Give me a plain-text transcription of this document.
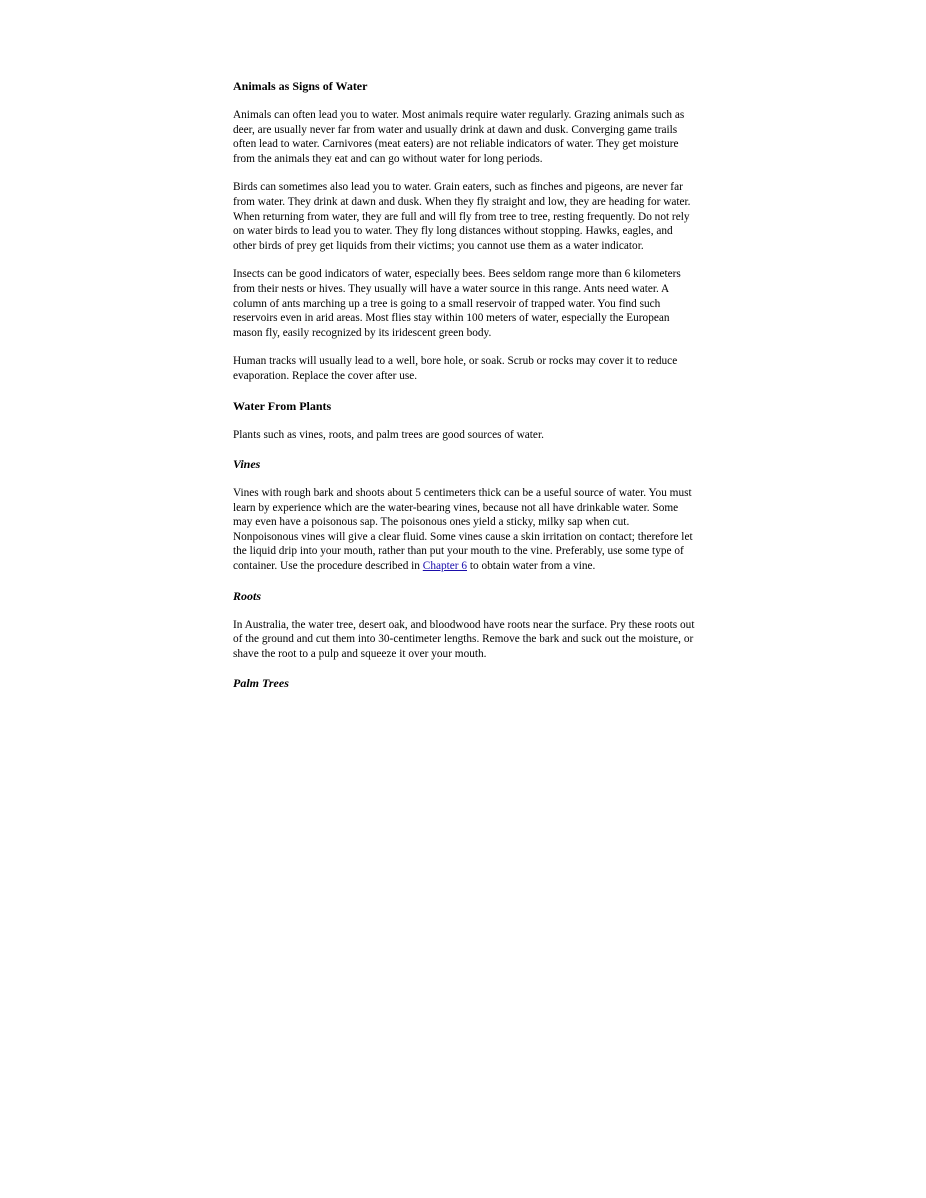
Animals as Signs of Water

Animals can often lead you to water. Most animals require water regularly. Grazing animals such as deer, are usually never far from water and usually drink at dawn and dusk. Converging game trails often lead to water. Carnivores (meat eaters) are not reliable indicators of water. They get moisture from the animals they eat and can go without water for long periods.

Birds can sometimes also lead you to water. Grain eaters, such as finches and pigeons, are never far from water. They drink at dawn and dusk. When they fly straight and low, they are heading for water. When returning from water, they are full and will fly from tree to tree, resting frequently. Do not rely on water birds to lead you to water. They fly long distances without stopping. Hawks, eagles, and other birds of prey get liquids from their victims; you cannot use them as a water indicator.

Insects can be good indicators of water, especially bees. Bees seldom range more than 6 kilometers from their nests or hives. They usually will have a water source in this range. Ants need water. A column of ants marching up a tree is going to a small reservoir of trapped water. You find such reservoirs even in arid areas. Most flies stay within 100 meters of water, especially the European mason fly, easily recognized by its iridescent green body.

Human tracks will usually lead to a well, bore hole, or soak. Scrub or rocks may cover it to reduce evaporation. Replace the cover after use.

Water From Plants

Plants such as vines, roots, and palm trees are good sources of water.

Vines

Vines with rough bark and shoots about 5 centimeters thick can be a useful source of water. You must learn by experience which are the water-bearing vines, because not all have drinkable water. Some may even have a poisonous sap. The poisonous ones yield a sticky, milky sap when cut. Nonpoisonous vines will give a clear fluid. Some vines cause a skin irritation on contact; therefore let the liquid drip into your mouth, rather than put your mouth to the vine. Preferably, use some type of container. Use the procedure described in Chapter 6 to obtain water from a vine.

Roots

In Australia, the water tree, desert oak, and bloodwood have roots near the surface. Pry these roots out of the ground and cut them into 30-centimeter lengths. Remove the bark and suck out the moisture, or shave the root to a pulp and squeeze it over your mouth.

Palm Trees
